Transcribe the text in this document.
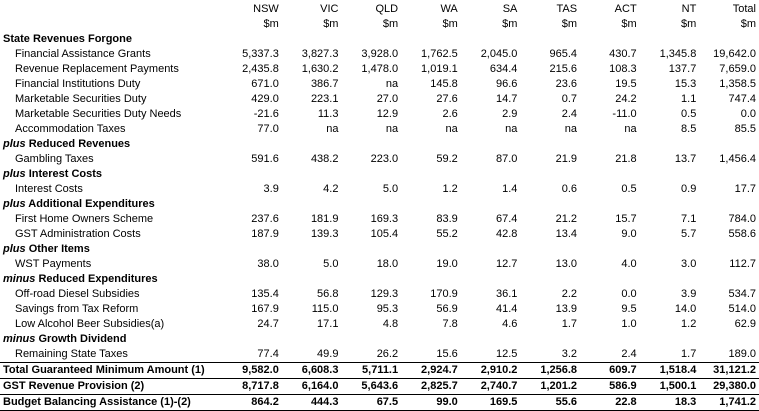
	NSW	VIC	QLD	WA	SA	TAS	ACT	NT	Total
	$m	$m	$m	$m	$m	$m	$m	$m	$m
State Revenues Forgone									
Financial Assistance Grants	5,337.3	3,827.3	3,928.0	1,762.5	2,045.0	965.4	430.7	1,345.8	19,642.0
Revenue Replacement Payments	2,435.8	1,630.2	1,478.0	1,019.1	634.4	215.6	108.3	137.7	7,659.0
Financial Institutions Duty	671.0	386.7	na	145.8	96.6	23.6	19.5	15.3	1,358.5
Marketable Securities Duty	429.0	223.1	27.0	27.6	14.7	0.7	24.2	1.1	747.4
Marketable Securities Duty Needs	-21.6	11.3	12.9	2.6	2.9	2.4	-11.0	0.5	0.0
Accommodation Taxes	77.0	na	na	na	na	na	na	8.5	85.5
plus Reduced Revenues									
Gambling Taxes	591.6	438.2	223.0	59.2	87.0	21.9	21.8	13.7	1,456.4
plus Interest Costs									
Interest Costs	3.9	4.2	5.0	1.2	1.4	0.6	0.5	0.9	17.7
plus Additional Expenditures									
First Home Owners Scheme	237.6	181.9	169.3	83.9	67.4	21.2	15.7	7.1	784.0
GST Administration Costs	187.9	139.3	105.4	55.2	42.8	13.4	9.0	5.7	558.6
plus Other Items									
WST Payments	38.0	5.0	18.0	19.0	12.7	13.0	4.0	3.0	112.7
minus Reduced Expenditures									
Off-road Diesel Subsidies	135.4	56.8	129.3	170.9	36.1	2.2	0.0	3.9	534.7
Savings from Tax Reform	167.9	115.0	95.3	56.9	41.4	13.9	9.5	14.0	514.0
Low Alcohol Beer Subsidies(a)	24.7	17.1	4.8	7.8	4.6	1.7	1.0	1.2	62.9
minus Growth Dividend									
Remaining State Taxes	77.4	49.9	26.2	15.6	12.5	3.2	2.4	1.7	189.0
Total Guaranteed Minimum Amount (1)	9,582.0	6,608.3	5,711.1	2,924.7	2,910.2	1,256.8	609.7	1,518.4	31,121.2
GST Revenue Provision (2)	8,717.8	6,164.0	5,643.6	2,825.7	2,740.7	1,201.2	586.9	1,500.1	29,380.0
Budget Balancing Assistance (1)-(2)	864.2	444.3	67.5	99.0	169.5	55.6	22.8	18.3	1,741.2
